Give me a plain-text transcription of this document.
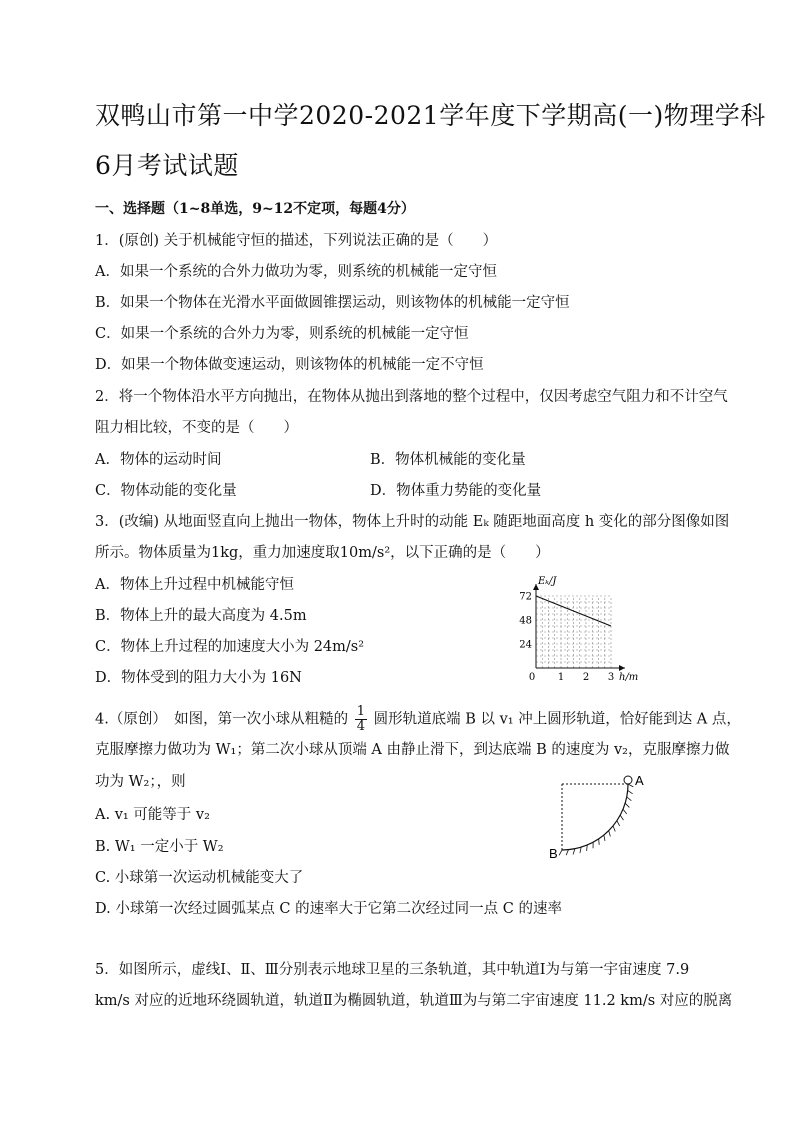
双鸭山市第一中学2020-2021学年度下学期高(一)物理学科
6月考试试题
一、选择题（1~8单选，9~12不定项，每题4分）
1．(原创) 关于机械能守恒的描述，下列说法正确的是（　　）
A．如果一个系统的合外力做功为零，则系统的机械能一定守恒
B．如果一个物体在光滑水平面做圆锥摆运动，则该物体的机械能一定守恒
C．如果一个系统的合外力为零，则系统的机械能一定守恒
D．如果一个物体做变速运动，则该物体的机械能一定不守恒
2．将一个物体沿水平方向抛出，在物体从抛出到落地的整个过程中，仅因考虑空气阻力和不计空气
阻力相比较，不变的是（　　）
A．物体的运动时间	B．物体机械能的变化量
C．物体动能的变化量	D．物体重力势能的变化量
3．(改编) 从地面竖直向上抛出一物体，物体上升时的动能 Eₖ 随距地面高度 h 变化的部分图像如图
所示。物体质量为1kg，重力加速度取10m/s²，以下正确的是（　　）
A．物体上升过程中机械能守恒
B．物体上升的最大高度为 4.5m
C．物体上升过程的加速度大小为 24m/s²
D．物体受到的阻力大小为 16N
24
48
72
0 1 2 3
Eₖ/J
h/m
4.（原创）　如图，第一次小球从粗糙的 $\frac{1}{4}$ 圆形轨道底端 B 以 v₁ 冲上圆形轨道，恰好能到达 A 点，
克服摩擦力做功为 W₁；第二次小球从顶端 A 由静止滑下，到达底端 B 的速度为 v₂，克服摩擦力做
功为 W₂；，则
A. v₁ 可能等于 v₂
B. W₁ 一定小于 W₂
C. 小球第一次运动机械能变大了
D. 小球第一次经过圆弧某点 C 的速率大于它第二次经过同一点 C 的速率
A
B
5．如图所示，虚线Ⅰ、Ⅱ、Ⅲ分别表示地球卫星的三条轨道，其中轨道Ⅰ为与第一宇宙速度 7.9
km/s 对应的近地环绕圆轨道，轨道Ⅱ为椭圆轨道，轨道Ⅲ为与第二宇宙速度 11.2 km/s 对应的脱离
